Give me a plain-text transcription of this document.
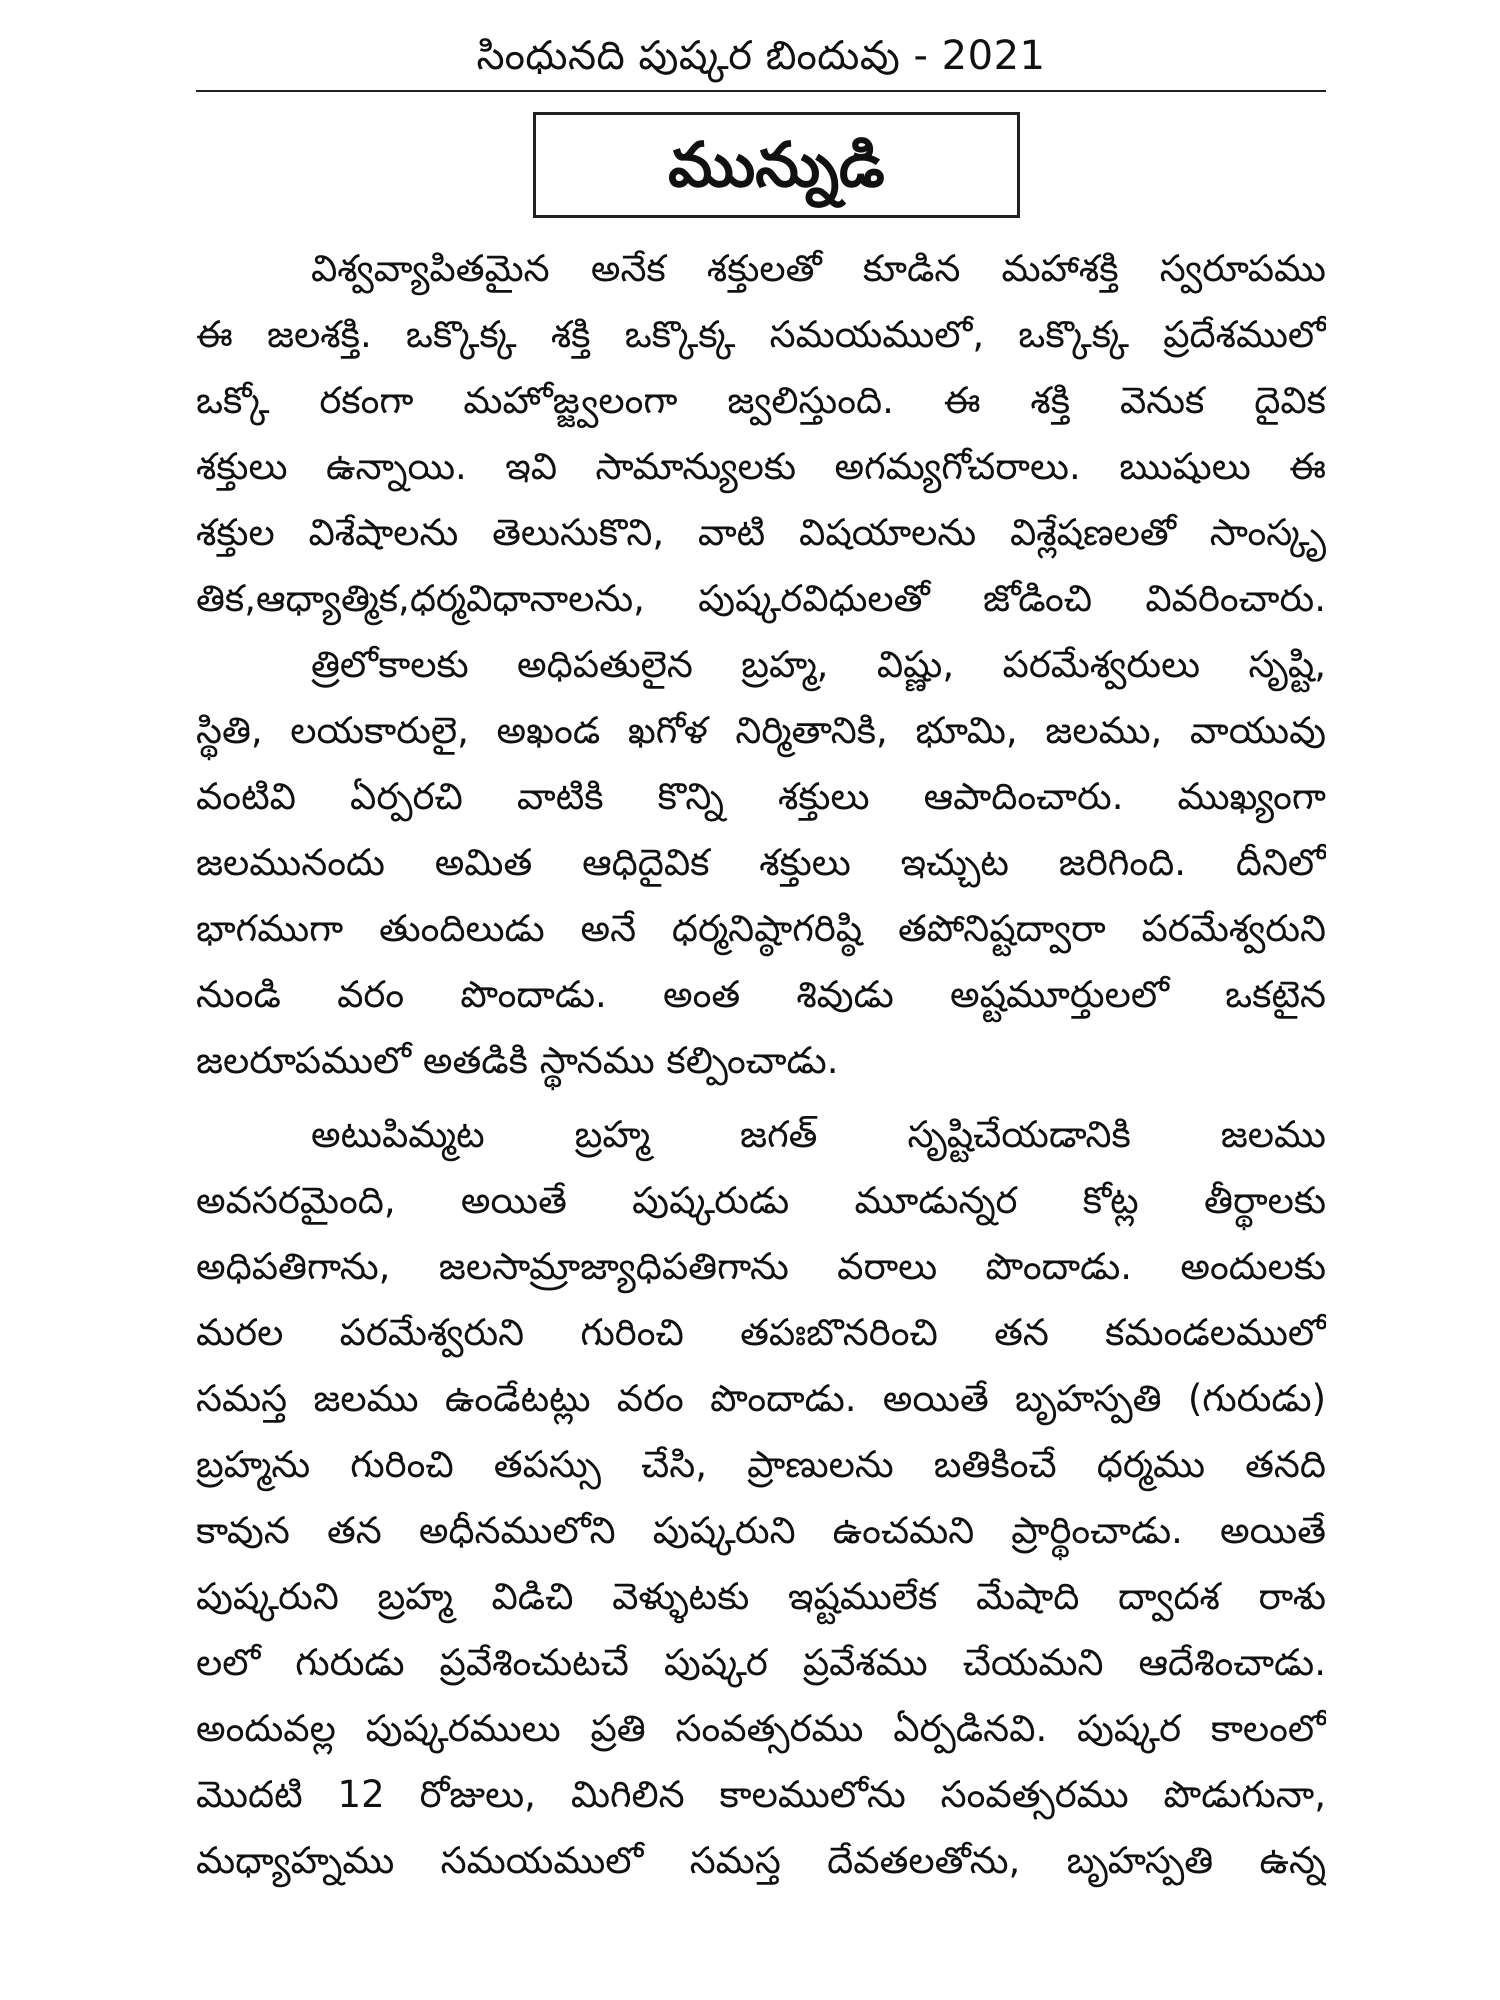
సింధునది పుష్కర బిందువు - 2021
మున్నుడి
విశ్వవ్యాపితమైన అనేక శక్తులతో కూడిన మహాశక్తి స్వరూపము
ఈ జలశక్తి. ఒక్కొక్క శక్తి ఒక్కొక్క సమయములో, ఒక్కొక్క ప్రదేశములో
ఒక్కో రకంగా మహోజ్జ్వలంగా జ్వలిస్తుంది. ఈ శక్తి వెనుక దైవిక
శక్తులు ఉన్నాయి. ఇవి సామాన్యులకు అగమ్యగోచరాలు. ఋషులు ఈ
శక్తుల విశేషాలను తెలుసుకొని, వాటి విషయాలను విశ్లేషణలతో సాంస్కృ
తిక,ఆధ్యాత్మిక,ధర్మవిధానాలను, పుష్కరవిధులతో జోడించి వివరించారు.
త్రిలోకాలకు అధిపతులైన బ్రహ్మ, విష్ణు, పరమేశ్వరులు సృష్టి,
స్థితి, లయకారులై, అఖండ ఖగోళ నిర్మితానికి, భూమి, జలము, వాయువు
వంటివి ఏర్పరచి వాటికి కొన్ని శక్తులు ఆపాదించారు. ముఖ్యంగా
జలమునందు అమిత ఆధిదైవిక శక్తులు ఇచ్చుట జరిగింది. దీనిలో
భాగముగా తుందిలుడు అనే ధర్మనిష్ఠాగరిష్ఠి తపోనిష్టద్వారా పరమేశ్వరుని
నుండి వరం పొందాడు. అంత శివుడు అష్టమూర్తులలో ఒకటైన
జలరూపములో అతడికి స్థానము కల్పించాడు.
అటుపిమ్మట బ్రహ్మ జగత్ సృష్టిచేయడానికి జలము
అవసరమైంది, అయితే పుష్కరుడు మూడున్నర కోట్ల తీర్థాలకు
అధిపతిగాను, జలసామ్రాజ్యాధిపతిగాను వరాలు పొందాడు. అందులకు
మరల పరమేశ్వరుని గురించి తపఃబొనరించి తన కమండలములో
సమస్త జలము ఉండేటట్లు వరం పొందాడు. అయితే బృహస్పతి (గురుడు)
బ్రహ్మను గురించి తపస్సు చేసి, ప్రాణులను బతికించే ధర్మము తనది
కావున తన అధీనములోని పుష్కరుని ఉంచమని ప్రార్థించాడు. అయితే
పుష్కరుని బ్రహ్మ విడిచి వెళ్ళుటకు ఇష్టములేక మేషాది ద్వాదశ రాశు
లలో గురుడు ప్రవేశించుటచే పుష్కర ప్రవేశము చేయమని ఆదేశించాడు.
అందువల్ల పుష్కరములు ప్రతి సంవత్సరము ఏర్పడినవి. పుష్కర కాలంలో
మొదటి 12 రోజులు, మిగిలిన కాలములోను సంవత్సరము పొడుగునా,
మధ్యాహ్నము సమయములో సమస్త దేవతలతోను, బృహస్పతి ఉన్న
